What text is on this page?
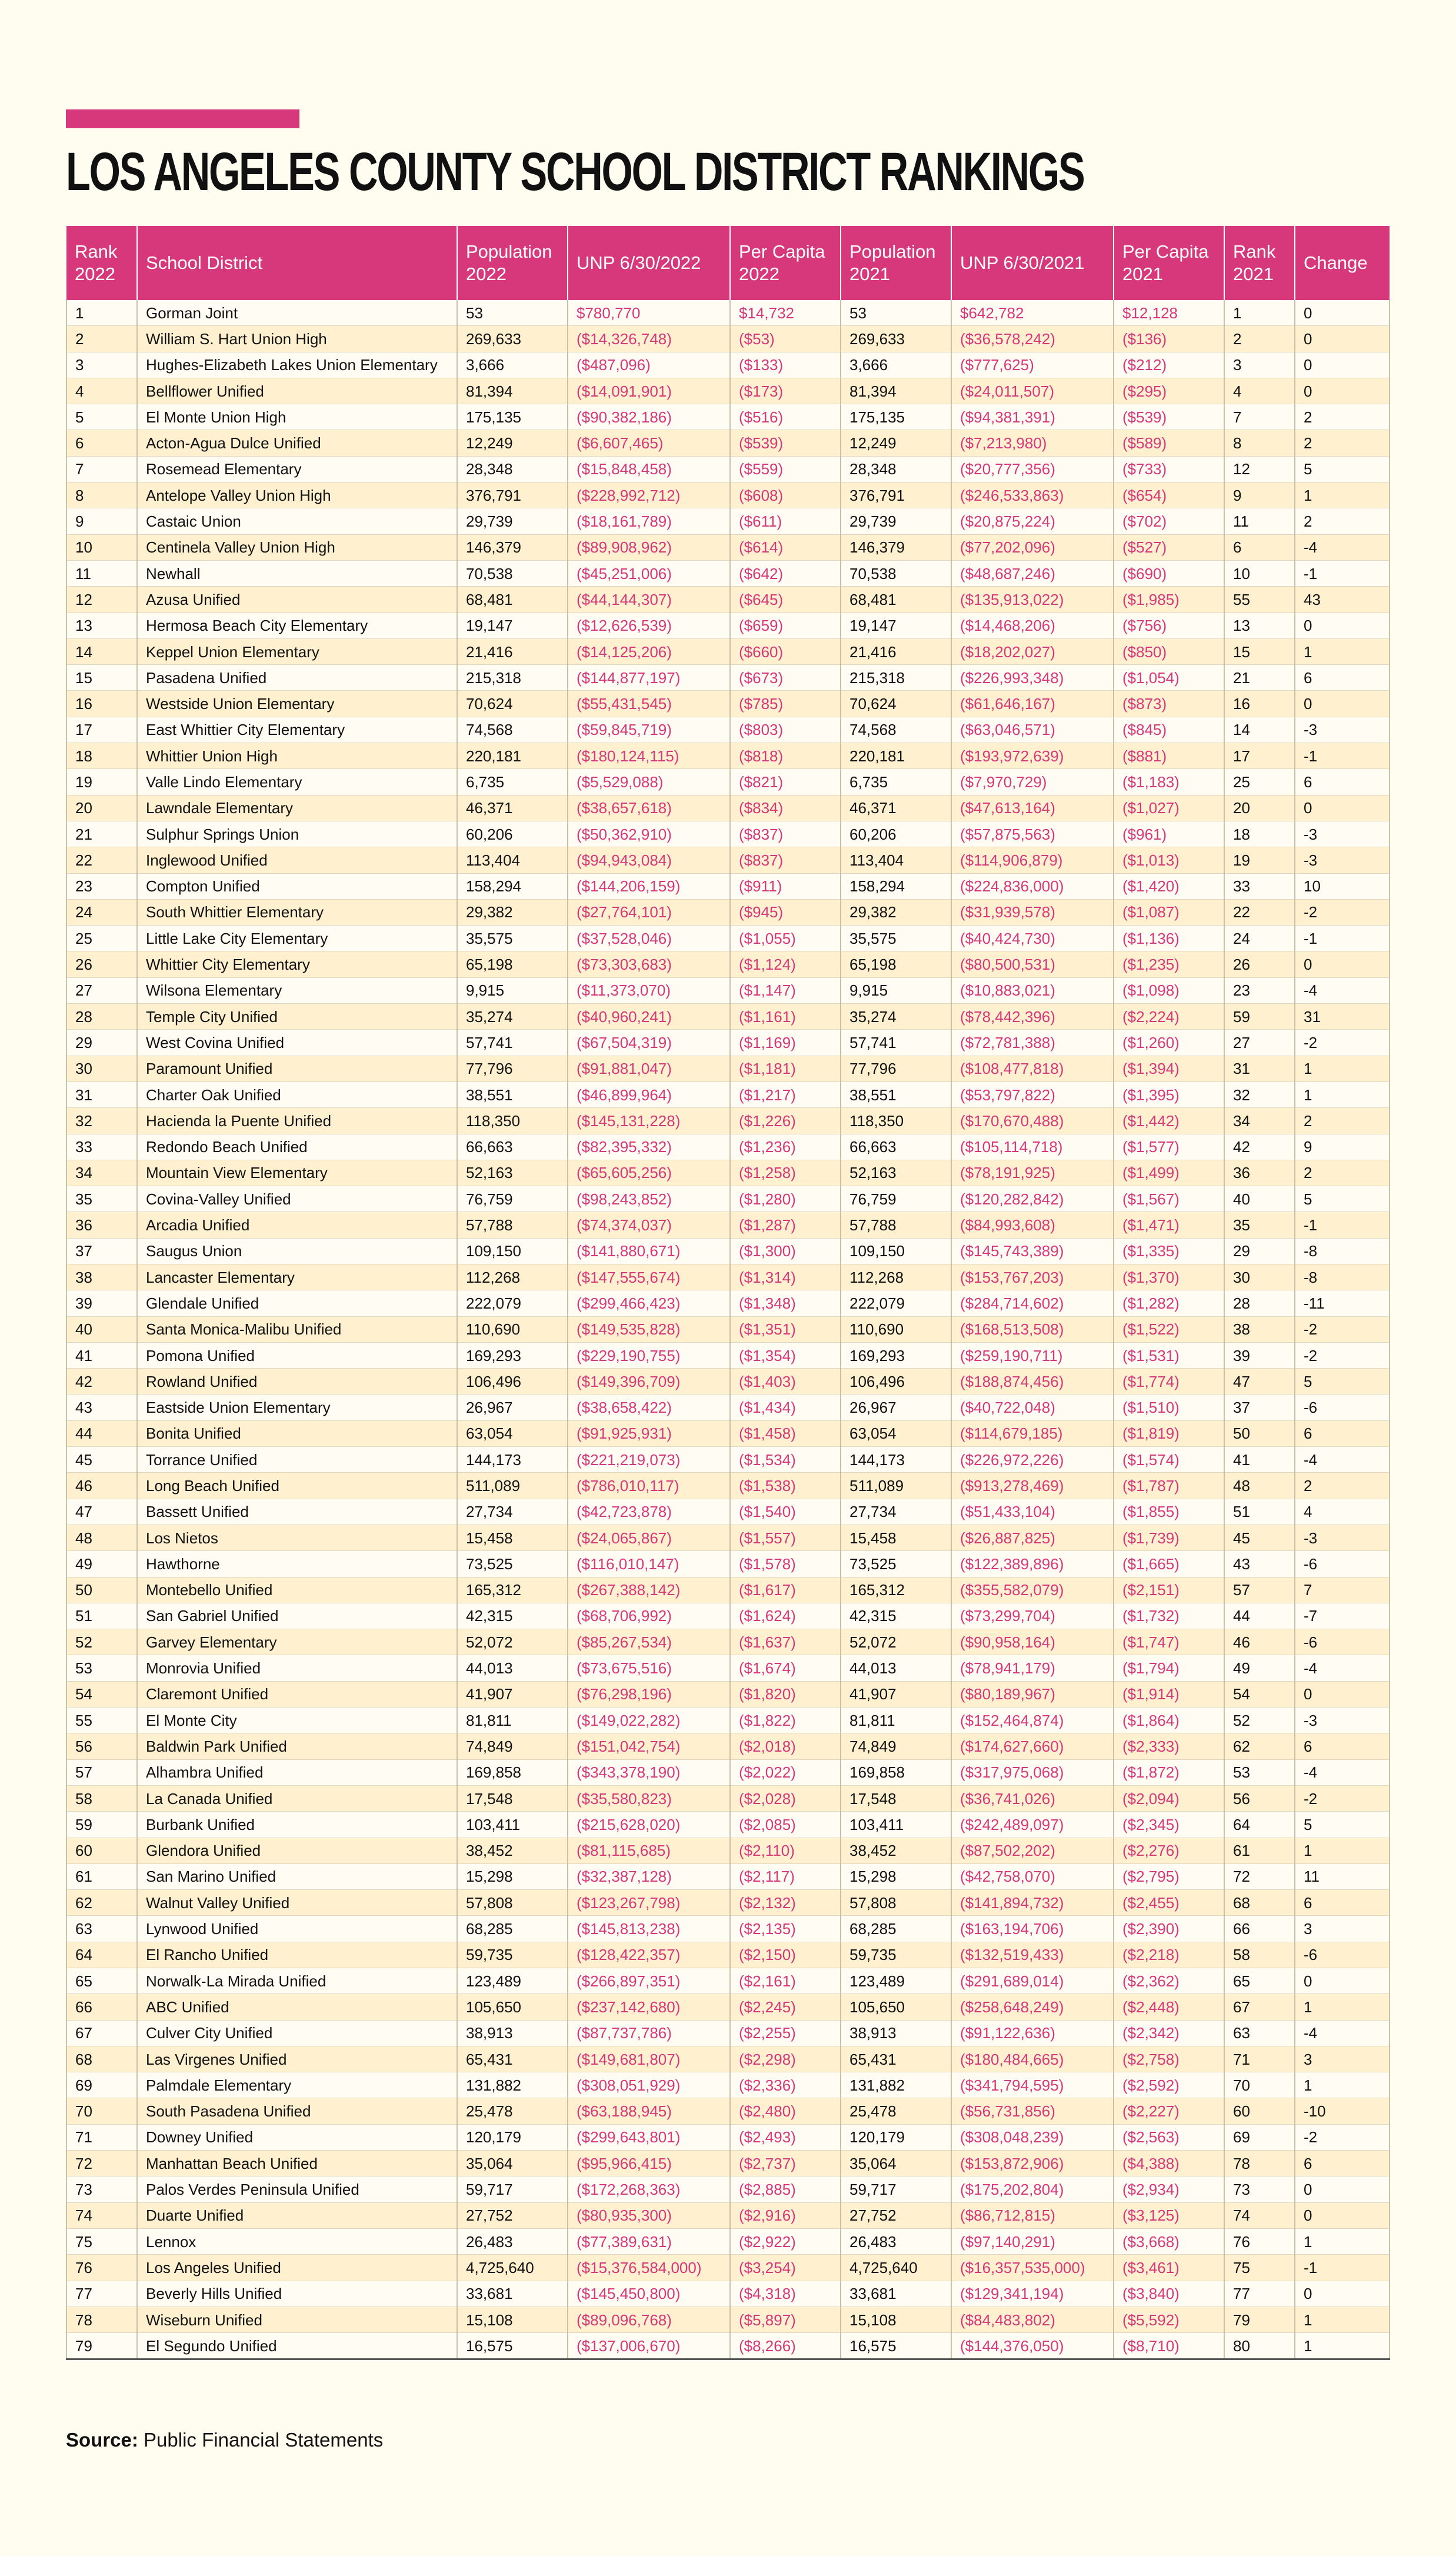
LOS ANGELES COUNTY SCHOOL DISTRICT RANKINGS
Rank 2022	School District	Population 2022	UNP 6/30/2022	Per Capita 2022	Population 2021	UNP 6/30/2021	Per Capita 2021	Rank 2021	Change
1	Gorman Joint	53	$780,770	$14,732	53	$642,782	$12,128	1	0
2	William S. Hart Union High	269,633	($14,326,748)	($53)	269,633	($36,578,242)	($136)	2	0
3	Hughes-Elizabeth Lakes Union Elementary	3,666	($487,096)	($133)	3,666	($777,625)	($212)	3	0
4	Bellflower Unified	81,394	($14,091,901)	($173)	81,394	($24,011,507)	($295)	4	0
5	El Monte Union High	175,135	($90,382,186)	($516)	175,135	($94,381,391)	($539)	7	2
6	Acton-Agua Dulce Unified	12,249	($6,607,465)	($539)	12,249	($7,213,980)	($589)	8	2
7	Rosemead Elementary	28,348	($15,848,458)	($559)	28,348	($20,777,356)	($733)	12	5
8	Antelope Valley Union High	376,791	($228,992,712)	($608)	376,791	($246,533,863)	($654)	9	1
9	Castaic Union	29,739	($18,161,789)	($611)	29,739	($20,875,224)	($702)	11	2
10	Centinela Valley Union High	146,379	($89,908,962)	($614)	146,379	($77,202,096)	($527)	6	-4
11	Newhall	70,538	($45,251,006)	($642)	70,538	($48,687,246)	($690)	10	-1
12	Azusa Unified	68,481	($44,144,307)	($645)	68,481	($135,913,022)	($1,985)	55	43
13	Hermosa Beach City Elementary	19,147	($12,626,539)	($659)	19,147	($14,468,206)	($756)	13	0
14	Keppel Union Elementary	21,416	($14,125,206)	($660)	21,416	($18,202,027)	($850)	15	1
15	Pasadena Unified	215,318	($144,877,197)	($673)	215,318	($226,993,348)	($1,054)	21	6
16	Westside Union Elementary	70,624	($55,431,545)	($785)	70,624	($61,646,167)	($873)	16	0
17	East Whittier City Elementary	74,568	($59,845,719)	($803)	74,568	($63,046,571)	($845)	14	-3
18	Whittier Union High	220,181	($180,124,115)	($818)	220,181	($193,972,639)	($881)	17	-1
19	Valle Lindo Elementary	6,735	($5,529,088)	($821)	6,735	($7,970,729)	($1,183)	25	6
20	Lawndale Elementary	46,371	($38,657,618)	($834)	46,371	($47,613,164)	($1,027)	20	0
21	Sulphur Springs Union	60,206	($50,362,910)	($837)	60,206	($57,875,563)	($961)	18	-3
22	Inglewood Unified	113,404	($94,943,084)	($837)	113,404	($114,906,879)	($1,013)	19	-3
23	Compton Unified	158,294	($144,206,159)	($911)	158,294	($224,836,000)	($1,420)	33	10
24	South Whittier Elementary	29,382	($27,764,101)	($945)	29,382	($31,939,578)	($1,087)	22	-2
25	Little Lake City Elementary	35,575	($37,528,046)	($1,055)	35,575	($40,424,730)	($1,136)	24	-1
26	Whittier City Elementary	65,198	($73,303,683)	($1,124)	65,198	($80,500,531)	($1,235)	26	0
27	Wilsona Elementary	9,915	($11,373,070)	($1,147)	9,915	($10,883,021)	($1,098)	23	-4
28	Temple City Unified	35,274	($40,960,241)	($1,161)	35,274	($78,442,396)	($2,224)	59	31
29	West Covina Unified	57,741	($67,504,319)	($1,169)	57,741	($72,781,388)	($1,260)	27	-2
30	Paramount Unified	77,796	($91,881,047)	($1,181)	77,796	($108,477,818)	($1,394)	31	1
31	Charter Oak Unified	38,551	($46,899,964)	($1,217)	38,551	($53,797,822)	($1,395)	32	1
32	Hacienda la Puente Unified	118,350	($145,131,228)	($1,226)	118,350	($170,670,488)	($1,442)	34	2
33	Redondo Beach Unified	66,663	($82,395,332)	($1,236)	66,663	($105,114,718)	($1,577)	42	9
34	Mountain View Elementary	52,163	($65,605,256)	($1,258)	52,163	($78,191,925)	($1,499)	36	2
35	Covina-Valley Unified	76,759	($98,243,852)	($1,280)	76,759	($120,282,842)	($1,567)	40	5
36	Arcadia Unified	57,788	($74,374,037)	($1,287)	57,788	($84,993,608)	($1,471)	35	-1
37	Saugus Union	109,150	($141,880,671)	($1,300)	109,150	($145,743,389)	($1,335)	29	-8
38	Lancaster Elementary	112,268	($147,555,674)	($1,314)	112,268	($153,767,203)	($1,370)	30	-8
39	Glendale Unified	222,079	($299,466,423)	($1,348)	222,079	($284,714,602)	($1,282)	28	-11
40	Santa Monica-Malibu Unified	110,690	($149,535,828)	($1,351)	110,690	($168,513,508)	($1,522)	38	-2
41	Pomona Unified	169,293	($229,190,755)	($1,354)	169,293	($259,190,711)	($1,531)	39	-2
42	Rowland Unified	106,496	($149,396,709)	($1,403)	106,496	($188,874,456)	($1,774)	47	5
43	Eastside Union Elementary	26,967	($38,658,422)	($1,434)	26,967	($40,722,048)	($1,510)	37	-6
44	Bonita Unified	63,054	($91,925,931)	($1,458)	63,054	($114,679,185)	($1,819)	50	6
45	Torrance Unified	144,173	($221,219,073)	($1,534)	144,173	($226,972,226)	($1,574)	41	-4
46	Long Beach Unified	511,089	($786,010,117)	($1,538)	511,089	($913,278,469)	($1,787)	48	2
47	Bassett Unified	27,734	($42,723,878)	($1,540)	27,734	($51,433,104)	($1,855)	51	4
48	Los Nietos	15,458	($24,065,867)	($1,557)	15,458	($26,887,825)	($1,739)	45	-3
49	Hawthorne	73,525	($116,010,147)	($1,578)	73,525	($122,389,896)	($1,665)	43	-6
50	Montebello Unified	165,312	($267,388,142)	($1,617)	165,312	($355,582,079)	($2,151)	57	7
51	San Gabriel Unified	42,315	($68,706,992)	($1,624)	42,315	($73,299,704)	($1,732)	44	-7
52	Garvey Elementary	52,072	($85,267,534)	($1,637)	52,072	($90,958,164)	($1,747)	46	-6
53	Monrovia Unified	44,013	($73,675,516)	($1,674)	44,013	($78,941,179)	($1,794)	49	-4
54	Claremont Unified	41,907	($76,298,196)	($1,820)	41,907	($80,189,967)	($1,914)	54	0
55	El Monte City	81,811	($149,022,282)	($1,822)	81,811	($152,464,874)	($1,864)	52	-3
56	Baldwin Park Unified	74,849	($151,042,754)	($2,018)	74,849	($174,627,660)	($2,333)	62	6
57	Alhambra Unified	169,858	($343,378,190)	($2,022)	169,858	($317,975,068)	($1,872)	53	-4
58	La Canada Unified	17,548	($35,580,823)	($2,028)	17,548	($36,741,026)	($2,094)	56	-2
59	Burbank Unified	103,411	($215,628,020)	($2,085)	103,411	($242,489,097)	($2,345)	64	5
60	Glendora Unified	38,452	($81,115,685)	($2,110)	38,452	($87,502,202)	($2,276)	61	1
61	San Marino Unified	15,298	($32,387,128)	($2,117)	15,298	($42,758,070)	($2,795)	72	11
62	Walnut Valley Unified	57,808	($123,267,798)	($2,132)	57,808	($141,894,732)	($2,455)	68	6
63	Lynwood Unified	68,285	($145,813,238)	($2,135)	68,285	($163,194,706)	($2,390)	66	3
64	El Rancho Unified	59,735	($128,422,357)	($2,150)	59,735	($132,519,433)	($2,218)	58	-6
65	Norwalk-La Mirada Unified	123,489	($266,897,351)	($2,161)	123,489	($291,689,014)	($2,362)	65	0
66	ABC Unified	105,650	($237,142,680)	($2,245)	105,650	($258,648,249)	($2,448)	67	1
67	Culver City Unified	38,913	($87,737,786)	($2,255)	38,913	($91,122,636)	($2,342)	63	-4
68	Las Virgenes Unified	65,431	($149,681,807)	($2,298)	65,431	($180,484,665)	($2,758)	71	3
69	Palmdale Elementary	131,882	($308,051,929)	($2,336)	131,882	($341,794,595)	($2,592)	70	1
70	South Pasadena Unified	25,478	($63,188,945)	($2,480)	25,478	($56,731,856)	($2,227)	60	-10
71	Downey Unified	120,179	($299,643,801)	($2,493)	120,179	($308,048,239)	($2,563)	69	-2
72	Manhattan Beach Unified	35,064	($95,966,415)	($2,737)	35,064	($153,872,906)	($4,388)	78	6
73	Palos Verdes Peninsula Unified	59,717	($172,268,363)	($2,885)	59,717	($175,202,804)	($2,934)	73	0
74	Duarte Unified	27,752	($80,935,300)	($2,916)	27,752	($86,712,815)	($3,125)	74	0
75	Lennox	26,483	($77,389,631)	($2,922)	26,483	($97,140,291)	($3,668)	76	1
76	Los Angeles Unified	4,725,640	($15,376,584,000)	($3,254)	4,725,640	($16,357,535,000)	($3,461)	75	-1
77	Beverly Hills Unified	33,681	($145,450,800)	($4,318)	33,681	($129,341,194)	($3,840)	77	0
78	Wiseburn Unified	15,108	($89,096,768)	($5,897)	15,108	($84,483,802)	($5,592)	79	1
79	El Segundo Unified	16,575	($137,006,670)	($8,266)	16,575	($144,376,050)	($8,710)	80	1
Source: Public Financial Statements
